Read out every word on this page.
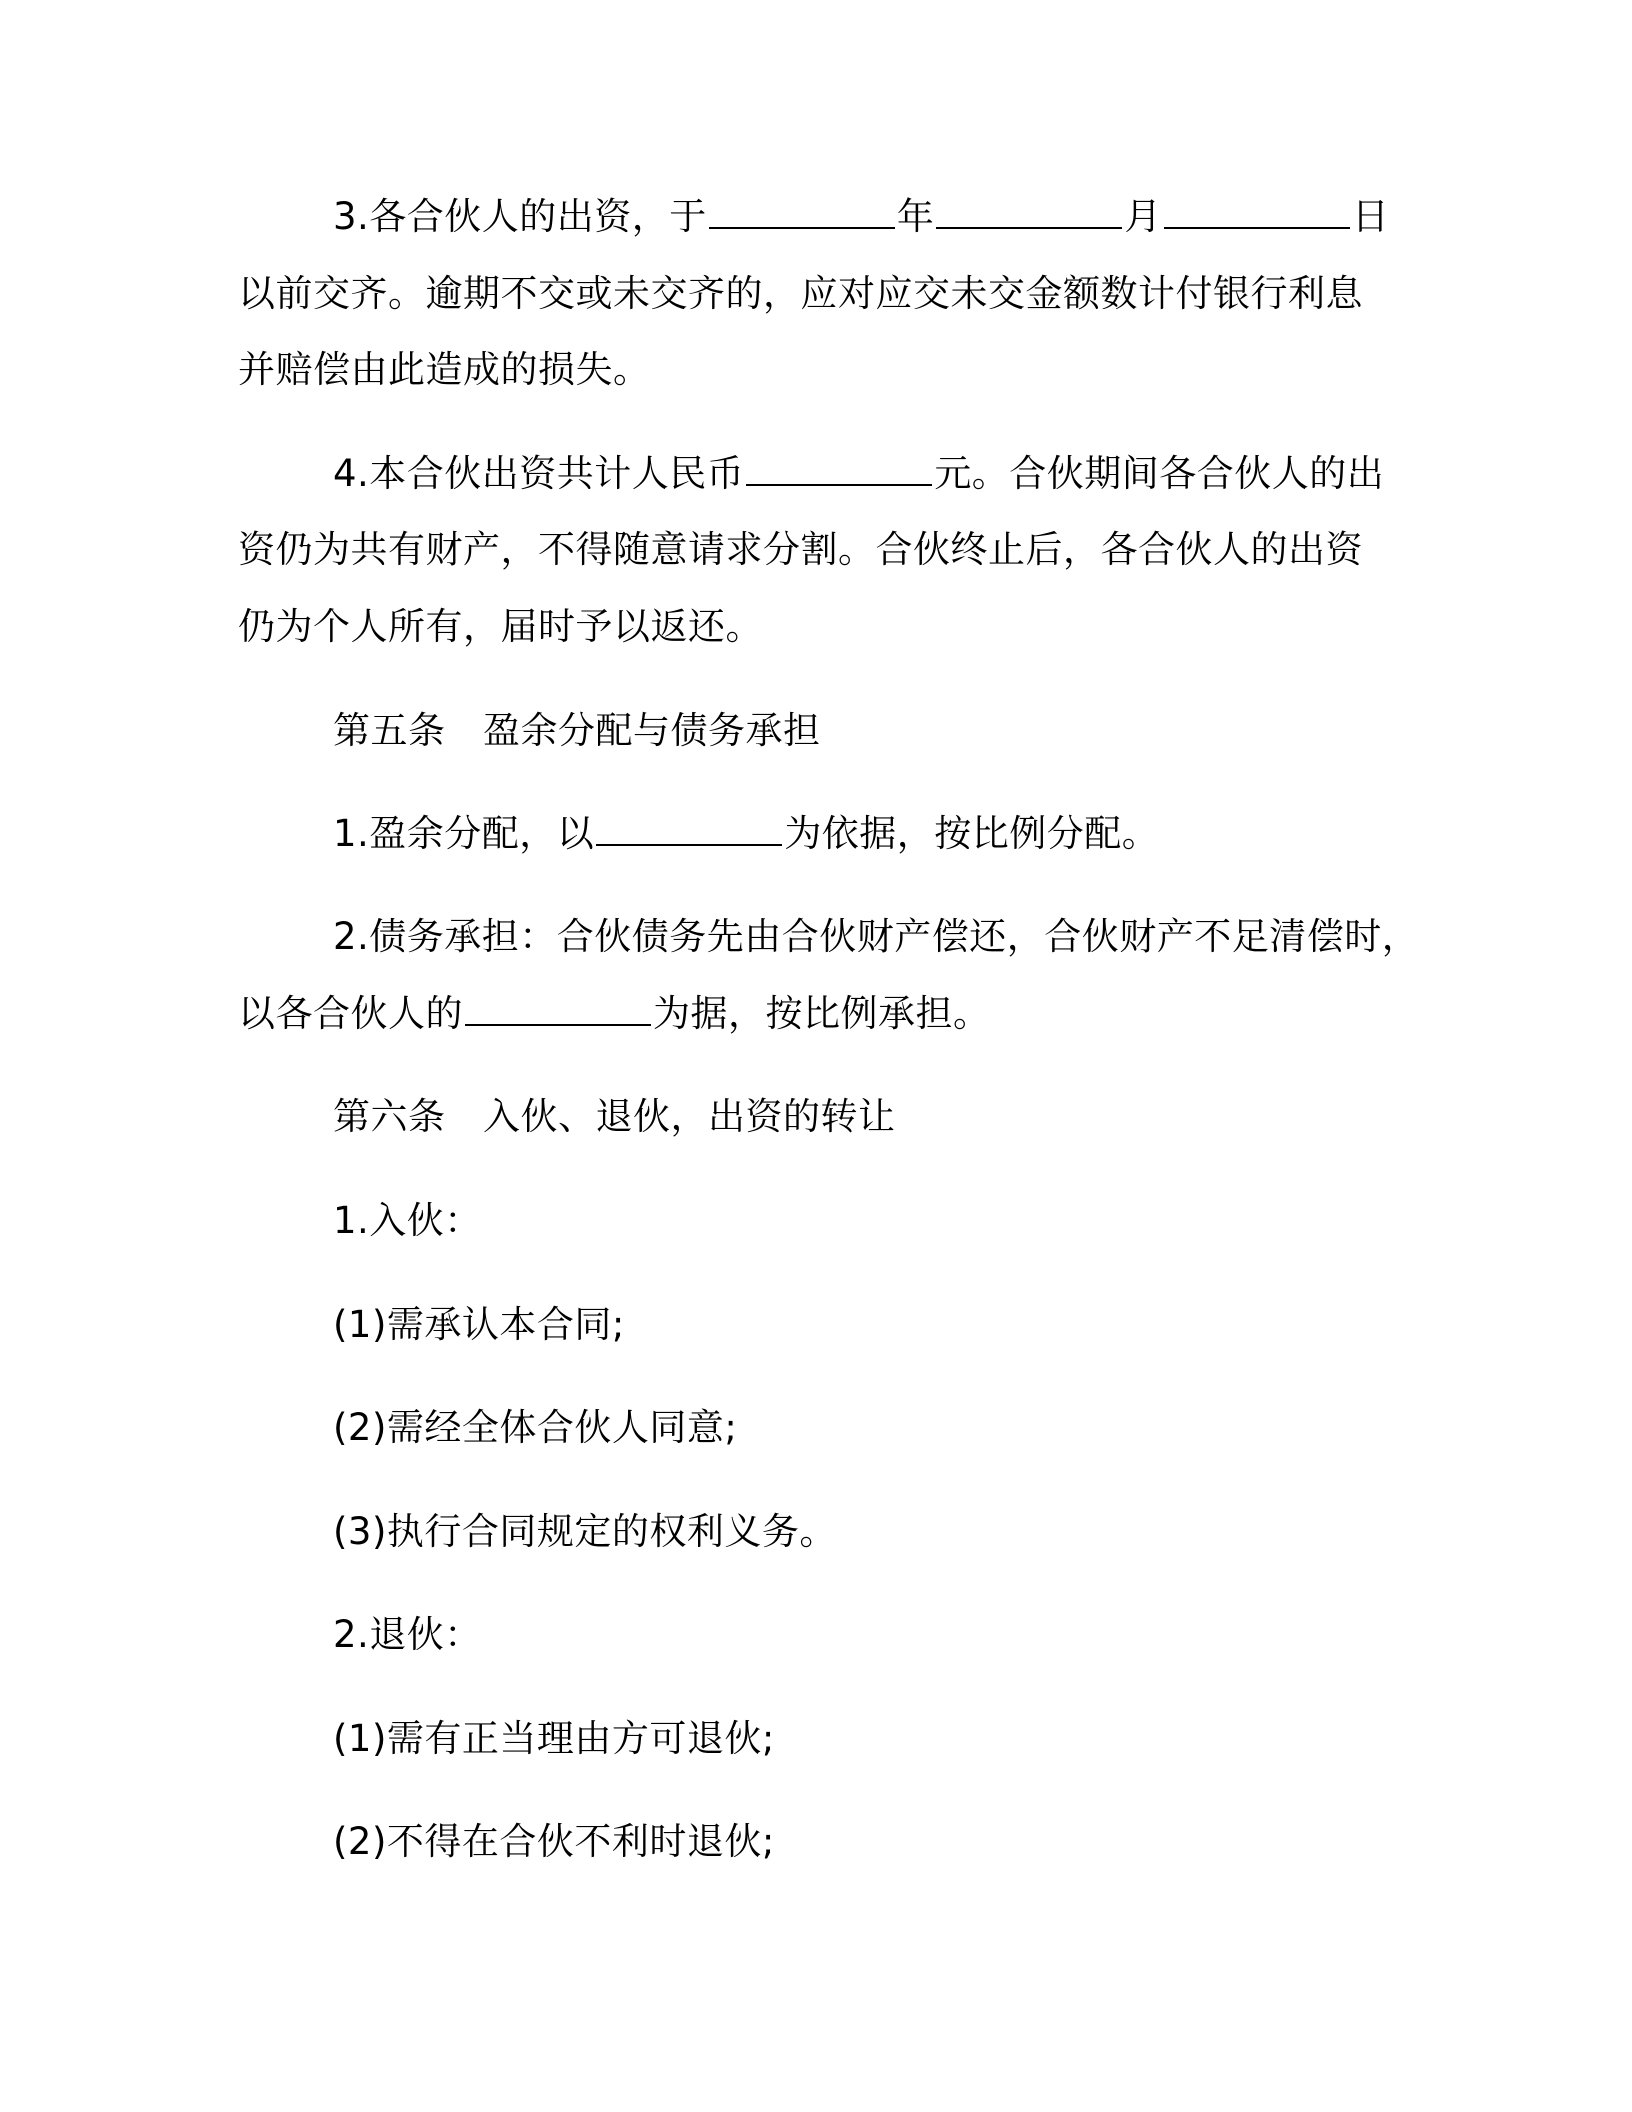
3.各合伙人的出资，于	年	月	日

以前交齐。逾期不交或未交齐的，应对应交未交金额数计付银行利息

并赔偿由此造成的损失。

4.本合伙出资共计人民币	元。合伙期间各合伙人的出

资仍为共有财产，不得随意请求分割。合伙终止后，各合伙人的出资

仍为个人所有，届时予以返还。

第五条　盈余分配与债务承担

1.盈余分配，以	为依据，按比例分配。

2.债务承担：合伙债务先由合伙财产偿还，合伙财产不足清偿时，

以各合伙人的	为据，按比例承担。

第六条　入伙、退伙，出资的转让

1.入伙：

(1)需承认本合同;

(2)需经全体合伙人同意;

(3)执行合同规定的权利义务。

2.退伙：

(1)需有正当理由方可退伙;

(2)不得在合伙不利时退伙;
